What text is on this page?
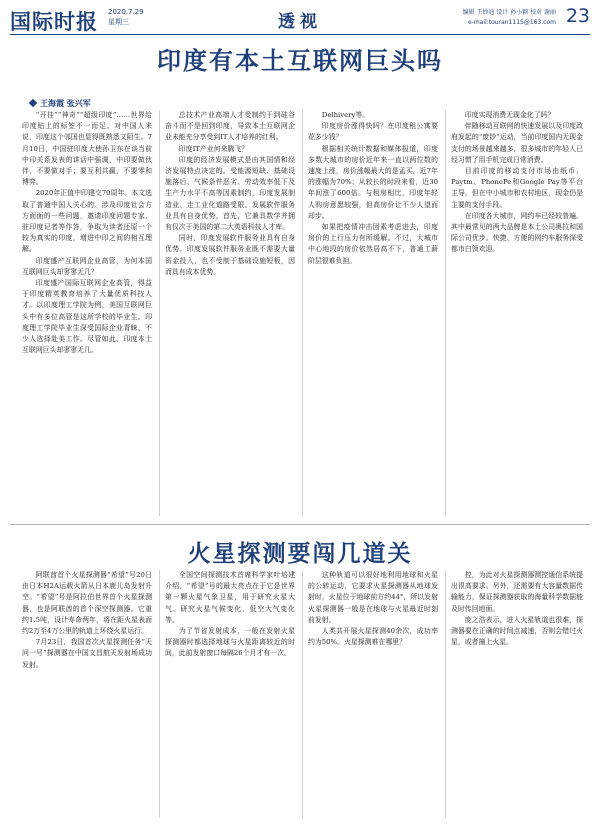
国际时报 2020.7.29
星期三	透视	编辑 王妙迪 设计 孙小颖 校对 谢丽
e-mail:touran1115@163.com 23
印度有本土互联网巨头吗
王海霞 张兴军

“开挂”“神奇”“超级印度”……世界给印度贴上的标签不一而足。对中国人来说，印度这个邻国也显得既熟悉又陌生。7月10日，中国驻印度大使孙卫东在谈当前中印关系发表的讲话中强调，中印要做伙伴，不要做对手；要互利共赢，不要零和博弈。

2020年正值中印建交70周年。本文选取了普通中国人关心的、涉及印度社会方方面面的一些问题，邀请印度问题专家、驻印度记者等作答，争取为读者还原一个较为真实的印度，增进中印之间的相互理解。

印度盛产互联网企业高管，为何本国互联网巨头却寥寥无几？

印度盛产国际互联网企业高管，得益于印度精英教育培养了大量优质科技人才。以印度理工学院为例，美国互联网巨头中有多位高管是这所学校的毕业生。印度理工学院毕业生深受国际企业青睐，不少人选择赴美工作。尽管如此，印度本土互联网巨头却寥寥无几。

总技术产业高端人才受制约于到硅谷奋斗而不是回到印度，导致本土互联网企业未能充分享受到IT人才培养的红利。

印度IT产业何来腾飞？

印度的经济发展模式是由其国情和经济发展特点决定的。受能源短缺、基础设施落后、气候条件恶劣、劳动效率低下及生产力水平不高等因素制约，印度发展制造业、走工业化道路受限。发展软件服务业具有自身优势，首先，它兼具数学并拥有仅次于美国的第二大英语科技人才库。

同时，印度发展软件服务业具有自身优势。印度发展软件服务业既不需要大量资金投入，也不受制于基础设施短板，因而具有成本优势。

Delhivery等。

印度房价涨得快吗？在印度租公寓要花多少钱？

根据相关统计数据和媒体报道，印度多数大城市的房价近年来一直以两位数的速度上涨，房价涨幅最大的是孟买，近7年的涨幅为70%；从较长的时段来看，近30年间涨了600倍。与租房相比，印度年轻人购房意愿较强，但高房价让不少人望而却步。

如果把疫情冲击因素考虑进去，印度房价的上行压力有所缓解。不过，大城市中心地段的房价依然居高不下，普通工薪阶层很难负担。

印度实现消费无现金化了吗？

伴随移动互联网的快速发展以及印度政府发起的“废钞”运动，当前印度国内无现金支付的场景越来越多，很多城市的年轻人已经习惯了用手机完成日常消费。

目前印度的移动支付市场由纸币、Paytm、PhonePe和Google Pay等平台主导，但在中小城市和农村地区，现金仍是主要的支付手段。

在印度各大城市，网约车已经较普遍。其中最常见的两大品牌是本土公司奥拉和国际公司优步。快捷、方便的网约车服务深受都市白领欢迎。

火星探测要闯几道关

阿联酋首个火星探测器“希望”号20日由日本H2A运载火箭从日本鹿儿岛发射升空。“希望”号是阿拉伯世界首个火星探测器，也是阿联酋的首个深空探测器。它重约1.5吨，设计寿命两年，将在距火星表面约2万至4万公里的轨道上环绕火星运行。

7月23日，我国首次火星探测任务“天问一号”探测器在中国文昌航天发射场成功发射。

全国空间探测技术首席科学家叶培建介绍，“希望”号的最大亮点在于它是世界第一颗火星气象卫星，用于研究火星大气、研究火星气候变化、低空大气变化等。

为了节省发射成本，一般在发射火星探测器时都选择地球与火星距离较近的时间，此前发射窗口每隔26个月才有一次。

这种轨道可以很好地利用地球和火星的公转运动，它要求火星探测器从地球发射时，火星位于地球前方约44°，所以发射火星探测器一般是在地球与火星最近时刻前发射。

人类共开展火星探测40余次，成功率约为50%。火星探测难在哪里？

控，为此对火星探测器测控通信系统提出很高要求。另外，还需要有大容量数据传输能力，保证探测器获取的海量科学数据能及时传回地面。

庞之浩表示，进入火星轨道也很难，探测器要在正确的时间点减速，否则会错过火星，或者撞上火星。
